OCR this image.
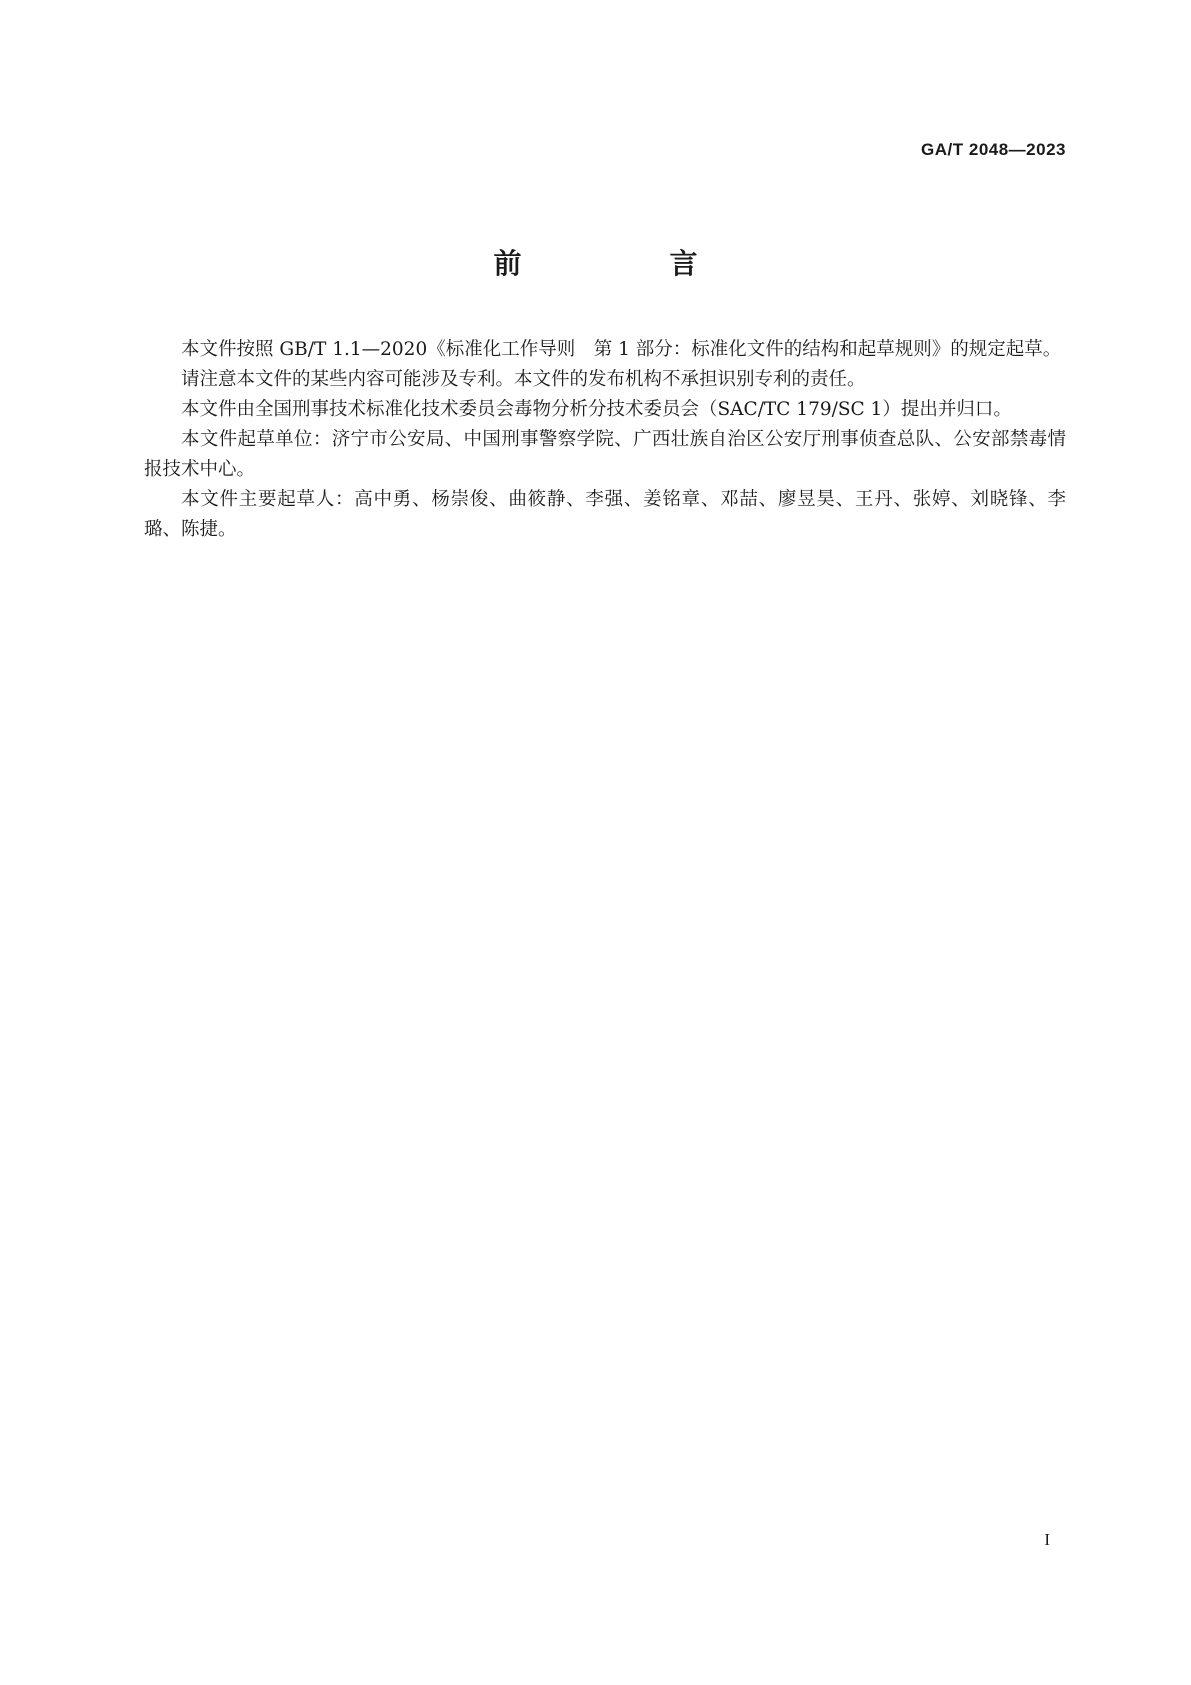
GA/T 2048—2023
前　言

本文件按照 GB/T 1.1—2020《标准化工作导则　第 1 部分：标准化文件的结构和起草规则》的规定起草。

请注意本文件的某些内容可能涉及专利。本文件的发布机构不承担识别专利的责任。

本文件由全国刑事技术标准化技术委员会毒物分析分技术委员会（SAC/TC 179/SC 1）提出并归口。

本文件起草单位：济宁市公安局、中国刑事警察学院、广西壮族自治区公安厅刑事侦查总队、公安部禁毒情报技术中心。

本文件主要起草人：高中勇、杨崇俊、曲筱静、李强、姜铭章、邓喆、廖昱昊、王丹、张婷、刘晓锋、李璐、陈捷。

I
